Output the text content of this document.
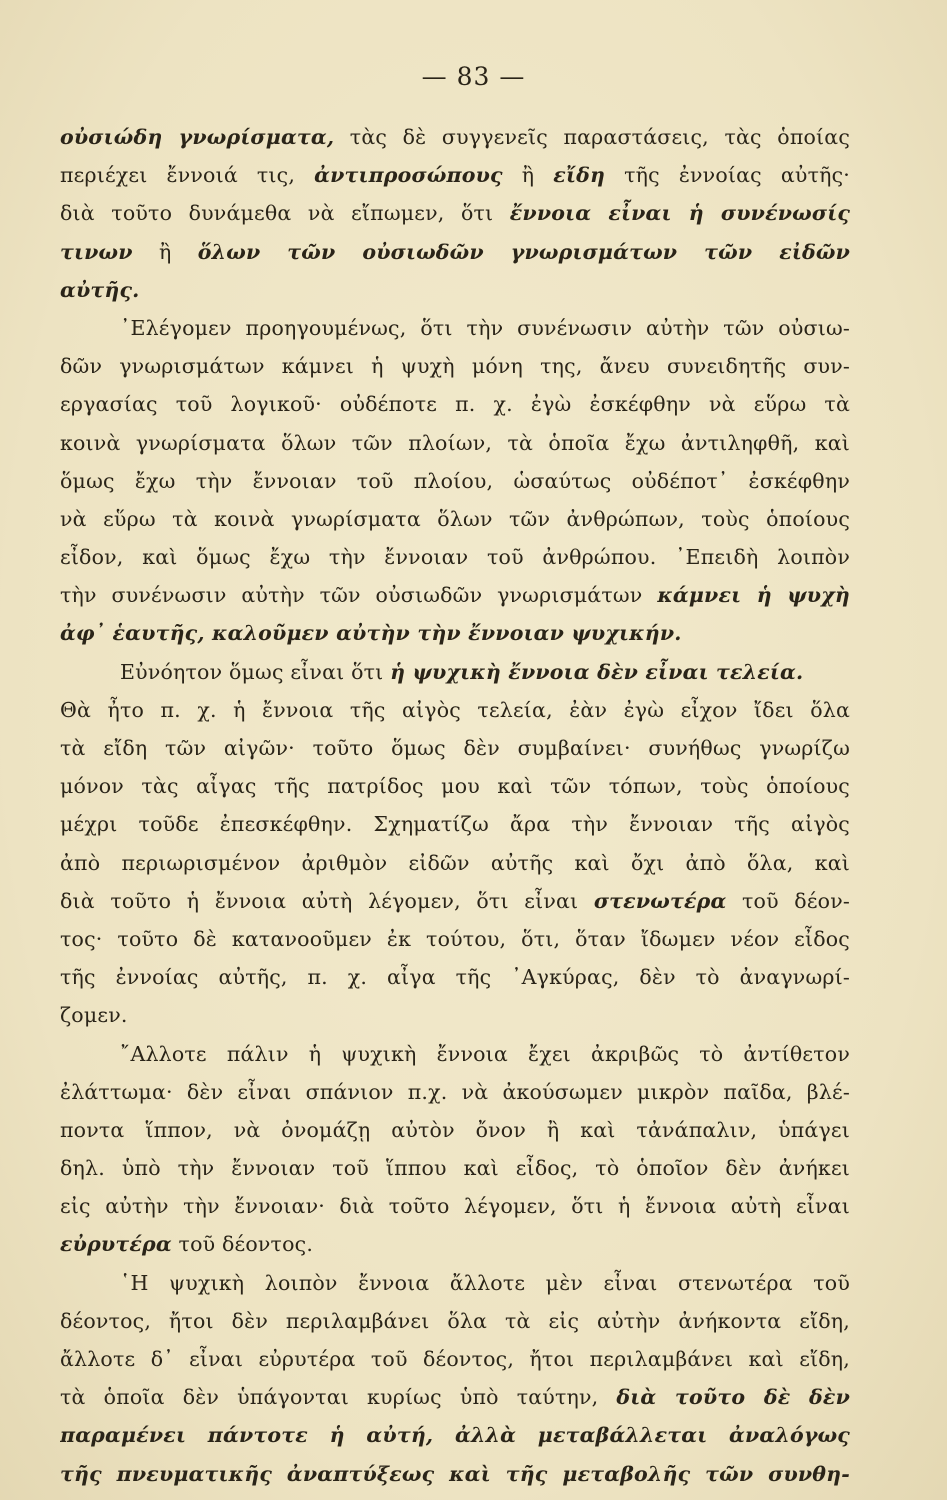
— 83 —
οὐσιώδη γνωρίσματα, τὰς δὲ συγγενεῖς παραστάσεις, τὰς ὁποίας
περιέχει ἔννοιά τις, ἀντιπροσώπους ἢ εἴδη τῆς ἐννοίας αὐτῆς·
διὰ τοῦτο δυνάμεθα νὰ εἴπωμεν, ὅτι ἔννοια εἶναι ἡ συνένωσίς
τινων ἢ ὅλων τῶν οὐσιωδῶν γνωρισμάτων τῶν εἰδῶν
αὐτῆς.
᾽Ελέγομεν προηγουμένως, ὅτι τὴν συνένωσιν αὐτὴν τῶν οὐσιω-
δῶν γνωρισμάτων κάμνει ἡ ψυχὴ μόνη της, ἄνευ συνειδητῆς συν-
εργασίας τοῦ λογικοῦ· οὐδέποτε π. χ. ἐγὼ ἐσκέφθην νὰ εὕρω τὰ
κοινὰ γνωρίσματα ὅλων τῶν πλοίων, τὰ ὁποῖα ἔχω ἀντιληφθῆ, καὶ
ὅμως ἔχω τὴν ἔννοιαν τοῦ πλοίου, ὡσαύτως οὐδέποτ᾽ ἐσκέφθην
νὰ εὕρω τὰ κοινὰ γνωρίσματα ὅλων τῶν ἀνθρώπων, τοὺς ὁποίους
εἶδον, καὶ ὅμως ἔχω τὴν ἔννοιαν τοῦ ἀνθρώπου. ᾽Επειδὴ λοιπὸν
τὴν συνένωσιν αὐτὴν τῶν οὐσιωδῶν γνωρισμάτων κάμνει ἡ ψυχὴ
ἀφ᾽ ἑαυτῆς, καλοῦμεν αὐτὴν τὴν ἔννοιαν ψυχικήν.
Εὐνόητον ὅμως εἶναι ὅτι ἡ ψυχικὴ ἔννοια δὲν εἶναι τελεία.
Θὰ ἦτο π. χ. ἡ ἔννοια τῆς αἰγὸς τελεία, ἐὰν ἐγὼ εἶχον ἴδει ὅλα
τὰ εἴδη τῶν αἰγῶν· τοῦτο ὅμως δὲν συμβαίνει· συνήθως γνωρίζω
μόνον τὰς αἶγας τῆς πατρίδος μου καὶ τῶν τόπων, τοὺς ὁποίους
μέχρι τοῦδε ἐπεσκέφθην. Σχηματίζω ἄρα τὴν ἔννοιαν τῆς αἰγὸς
ἀπὸ περιωρισμένον ἀριθμὸν εἰδῶν αὐτῆς καὶ ὄχι ἀπὸ ὅλα, καὶ
διὰ τοῦτο ἡ ἔννοια αὐτὴ λέγομεν, ὅτι εἶναι στενωτέρα τοῦ δέον-
τος· τοῦτο δὲ κατανοοῦμεν ἐκ τούτου, ὅτι, ὅταν ἴδωμεν νέον εἶδος
τῆς ἐννοίας αὐτῆς, π. χ. αἶγα τῆς ᾽Αγκύρας, δὲν τὸ ἀναγνωρί-
ζομεν.
῎Αλλοτε πάλιν ἡ ψυχικὴ ἔννοια ἔχει ἀκριβῶς τὸ ἀντίθετον
ἐλάττωμα· δὲν εἶναι σπάνιον π.χ. νὰ ἀκούσωμεν μικρὸν παῖδα, βλέ-
ποντα ἵππον, νὰ ὀνομάζῃ αὐτὸν ὄνον ἢ καὶ τἀνάπαλιν, ὑπάγει
δηλ. ὑπὸ τὴν ἔννοιαν τοῦ ἵππου καὶ εἶδος, τὸ ὁποῖον δὲν ἀνήκει
εἰς αὐτὴν τὴν ἔννοιαν· διὰ τοῦτο λέγομεν, ὅτι ἡ ἔννοια αὐτὴ εἶναι
εὐρυτέρα τοῦ δέοντος.
῾Η ψυχικὴ λοιπὸν ἔννοια ἄλλοτε μὲν εἶναι στενωτέρα τοῦ
δέοντος, ἤτοι δὲν περιλαμβάνει ὅλα τὰ εἰς αὐτὴν ἀνήκοντα εἴδη,
ἄλλοτε δ᾽ εἶναι εὐρυτέρα τοῦ δέοντος, ἤτοι περιλαμβάνει καὶ εἴδη,
τὰ ὁποῖα δὲν ὑπάγονται κυρίως ὑπὸ ταύτην, διὰ τοῦτο δὲ δὲν
παραμένει πάντοτε ἡ αὐτή, ἀλλὰ μεταβάλλεται ἀναλόγως
τῆς πνευματικῆς ἀναπτύξεως καὶ τῆς μεταβολῆς τῶν συνθη-
